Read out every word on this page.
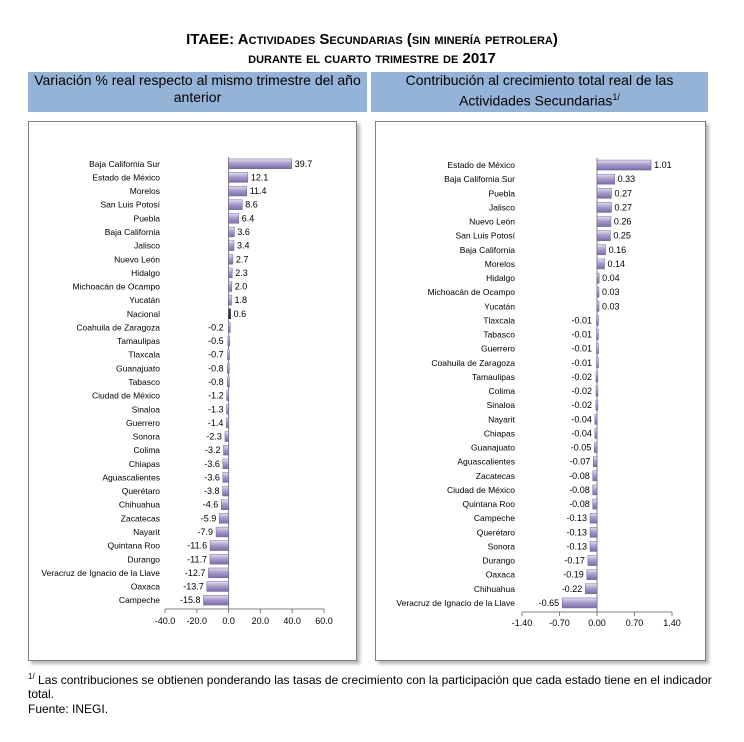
ITAEE: Actividades Secundarias (sin minería petrolera)
durante el cuarto trimestre de 2017
Variación % real respecto al mismo trimestre del año anterior
Contribución al crecimiento total real de las Actividades Secundarias$^{1/}$
-40.0 -20.0 0.0 20.0 40.0 60.0
Baja California Sur	39.7
Estado de México	12.1
Morelos	11.4
San Luis Potosí	8.6
Puebla	6.4
Baja California	3.6
Jalisco	3.4
Nuevo León	2.7
Hidalgo	2.3
Michoacán de Ocampo	2.0
Yucatán	1.8
Nacional	0.6
Coahuila de Zaragoza	-0.2
Tamaulipas	-0.5
Tlaxcala	-0.7
Guanajuato	-0.8
Tabasco	-0.8
Ciudad de México	-1.2
Sinaloa	-1.3
Guerrero	-1.4
Sonora	-2.3
Colima	-3.2
Chiapas	-3.6
Aguascalientes	-3.6
Querétaro	-3.8
Chihuahua	-4.6
Zacatecas	-5.9
Nayarit	-7.9
Quintana Roo	-11.6
Durango	-11.7
Veracruz de Ignacio de la Llave	-12.7
Oaxaca	-13.7
Campeche -15.8
-1.40 -0.70 0.00 0.70 1.40
Estado de México	1.01
Baja California Sur	0.33
Puebla	0.27
Jalisco	0.27
Nuevo León	0.26
San Luis Potosí	0.25
Baja California	0.16
Morelos	0.14
Hidalgo	0.04
Michoacán de Ocampo	0.03
Yucatán	0.03
Tlaxcala	-0.01
Tabasco	-0.01
Guerrero	-0.01
Coahuila de Zaragoza	-0.01
Tamaulipas	-0.02
Colima	-0.02
Sinaloa	-0.02
Nayarit	-0.04
Chiapas	-0.04
Guanajuato	-0.05
Aguascalientes	-0.07
Zacatecas	-0.08
Ciudad de México	-0.08
Quintana Roo	-0.08
Campeche	-0.13
Querétaro	-0.13
Sonora	-0.13
Durango	-0.17
Oaxaca	-0.19
Chihuahua	-0.22
Veracruz de Ignacio de la Llave	-0.65
$^{1/}$ Las contribuciones se obtienen ponderando las tasas de crecimiento con la participación que cada estado tiene en el indicador total.
Fuente: INEGI.
